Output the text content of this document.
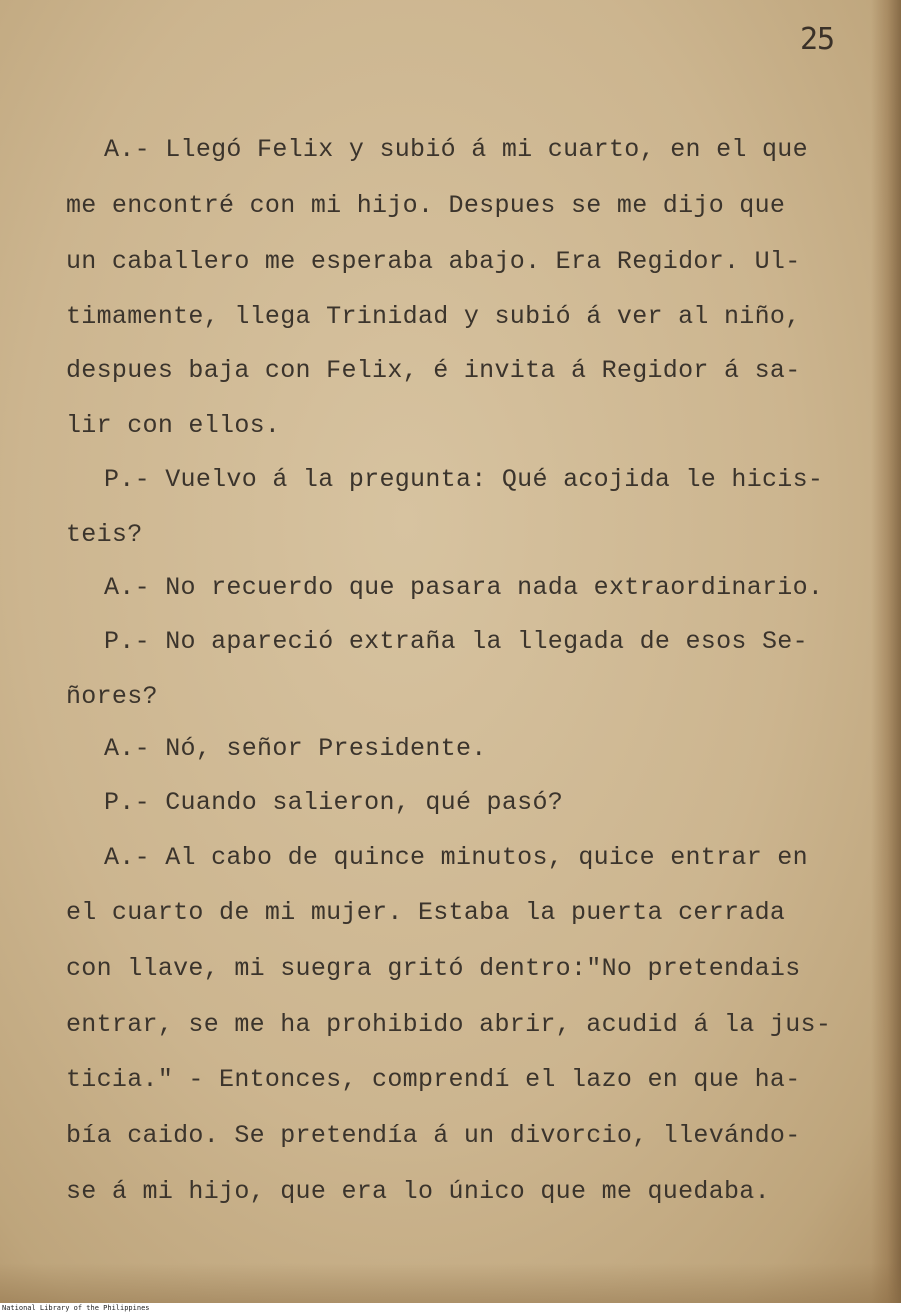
25
A.- Llegó Felix y subió á mi cuarto, en el que
me encontré con mi hijo. Despues se me dijo que
un caballero me esperaba abajo. Era Regidor. Ul-
timamente, llega Trinidad y subió á ver al niño,
despues baja con Felix, é invita á Regidor á sa-
lir con ellos.
P.- Vuelvo á la pregunta: Qué acojida le hicis-
teis?
A.- No recuerdo que pasara nada extraordinario.
P.- No apareció extraña la llegada de esos Se-
ñores?
A.- Nó, señor Presidente.
P.- Cuando salieron, qué pasó?
A.- Al cabo de quince minutos, quice entrar en
el cuarto de mi mujer. Estaba la puerta cerrada
con llave, mi suegra gritó dentro:"No pretendais
entrar, se me ha prohibido abrir, acudid á la jus-
ticia." - Entonces, comprendí el lazo en que ha-
bía caido. Se pretendía á un divorcio, llevándo-
se á mi hijo, que era lo único que me quedaba.
National Library of the Philippines
